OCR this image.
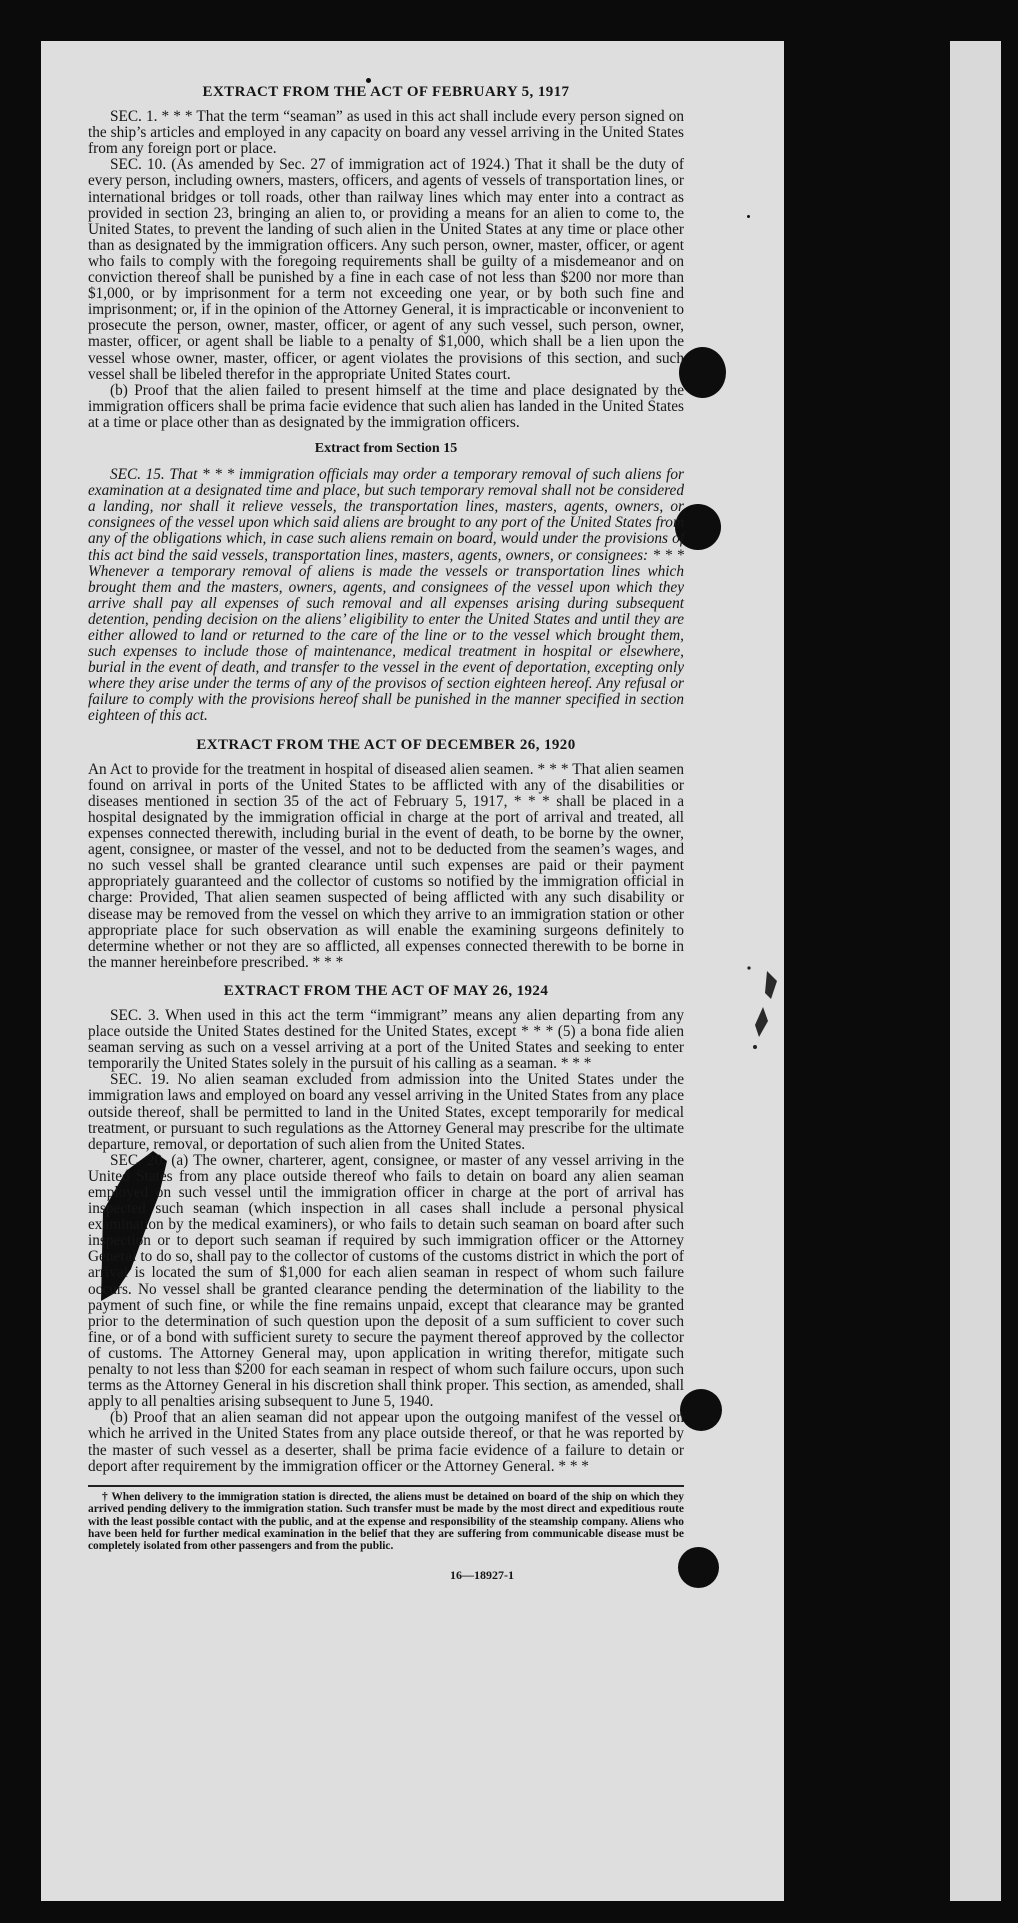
EXTRACT FROM THE ACT OF FEBRUARY 5, 1917

SEC. 1. * * * That the term “seaman” as used in this act shall include every person signed on the ship’s articles and employed in any capacity on board any vessel arriving in the United States from any foreign port or place.

SEC. 10. (As amended by Sec. 27 of immigration act of 1924.) That it shall be the duty of every person, including owners, masters, officers, and agents of vessels of transportation lines, or international bridges or toll roads, other than railway lines which may enter into a contract as provided in section 23, bringing an alien to, or providing a means for an alien to come to, the United States, to prevent the landing of such alien in the United States at any time or place other than as designated by the immigration officers. Any such person, owner, master, officer, or agent who fails to comply with the foregoing requirements shall be guilty of a misdemeanor and on conviction thereof shall be punished by a fine in each case of not less than $200 nor more than $1,000, or by imprisonment for a term not exceeding one year, or by both such fine and imprisonment; or, if in the opinion of the Attorney General, it is impracticable or inconvenient to prosecute the person, owner, master, officer, or agent of any such vessel, such person, owner, master, officer, or agent shall be liable to a penalty of $1,000, which shall be a lien upon the vessel whose owner, master, officer, or agent violates the provisions of this section, and such vessel shall be libeled therefor in the appropriate United States court.

(b) Proof that the alien failed to present himself at the time and place designated by the immigration officers shall be prima facie evidence that such alien has landed in the United States at a time or place other than as designated by the immigration officers.

Extract from Section 15

SEC. 15. That * * * immigration officials may order a temporary removal of such aliens for examination at a designated time and place, but such temporary removal shall not be considered a landing, nor shall it relieve vessels, the transportation lines, masters, agents, owners, or consignees of the vessel upon which said aliens are brought to any port of the United States from any of the obligations which, in case such aliens remain on board, would under the provisions of this act bind the said vessels, transportation lines, masters, agents, owners, or consignees: * * * Whenever a temporary removal of aliens is made the vessels or transportation lines which brought them and the masters, owners, agents, and consignees of the vessel upon which they arrive shall pay all expenses of such removal and all expenses arising during subsequent detention, pending decision on the aliens’ eligibility to enter the United States and until they are either allowed to land or returned to the care of the line or to the vessel which brought them, such expenses to include those of maintenance, medical treatment in hospital or elsewhere, burial in the event of death, and transfer to the vessel in the event of deportation, excepting only where they arise under the terms of any of the provisos of section eighteen hereof. Any refusal or failure to comply with the provisions hereof shall be punished in the manner specified in section eighteen of this act.

EXTRACT FROM THE ACT OF DECEMBER 26, 1920

An Act to provide for the treatment in hospital of diseased alien seamen. * * * That alien seamen found on arrival in ports of the United States to be afflicted with any of the disabilities or diseases mentioned in section 35 of the act of February 5, 1917, * * * shall be placed in a hospital designated by the immigration official in charge at the port of arrival and treated, all expenses connected therewith, including burial in the event of death, to be borne by the owner, agent, consignee, or master of the vessel, and not to be deducted from the seamen’s wages, and no such vessel shall be granted clearance until such expenses are paid or their payment appropriately guaranteed and the collector of customs so notified by the immigration official in charge: Provided, That alien seamen suspected of being afflicted with any such disability or disease may be removed from the vessel on which they arrive to an immigration station or other appropriate place for such observation as will enable the examining surgeons definitely to determine whether or not they are so afflicted, all expenses connected therewith to be borne in the manner hereinbefore prescribed. * * *

EXTRACT FROM THE ACT OF MAY 26, 1924

SEC. 3. When used in this act the term “immigrant” means any alien departing from any place outside the United States destined for the United States, except * * * (5) a bona fide alien seaman serving as such on a vessel arriving at a port of the United States and seeking to enter temporarily the United States solely in the pursuit of his calling as a seaman. * * *

SEC. 19. No alien seaman excluded from admission into the United States under the immigration laws and employed on board any vessel arriving in the United States from any place outside thereof, shall be permitted to land in the United States, except temporarily for medical treatment, or pursuant to such regulations as the Attorney General may prescribe for the ultimate departure, removal, or deportation of such alien from the United States.

SEC. 20. (a) The owner, charterer, agent, consignee, or master of any vessel arriving in the United States from any place outside thereof who fails to detain on board any alien seaman employed on such vessel until the immigration officer in charge at the port of arrival has inspected such seaman (which inspection in all cases shall include a personal physical examination by the medical examiners), or who fails to detain such seaman on board after such inspection or to deport such seaman if required by such immigration officer or the Attorney General to do so, shall pay to the collector of customs of the customs district in which the port of arrival is located the sum of $1,000 for each alien seaman in respect of whom such failure occurs. No vessel shall be granted clearance pending the determination of the liability to the payment of such fine, or while the fine remains unpaid, except that clearance may be granted prior to the determination of such question upon the deposit of a sum sufficient to cover such fine, or of a bond with sufficient surety to secure the payment thereof approved by the collector of customs. The Attorney General may, upon application in writing therefor, mitigate such penalty to not less than $200 for each seaman in respect of whom such failure occurs, upon such terms as the Attorney General in his discretion shall think proper. This section, as amended, shall apply to all penalties arising subsequent to June 5, 1940.

(b) Proof that an alien seaman did not appear upon the outgoing manifest of the vessel on which he arrived in the United States from any place outside thereof, or that he was reported by the master of such vessel as a deserter, shall be prima facie evidence of a failure to detain or deport after requirement by the immigration officer or the Attorney General. * * *

† When delivery to the immigration station is directed, the aliens must be detained on board of the ship on which they arrived pending delivery to the immigration station. Such transfer must be made by the most direct and expeditious route with the least possible contact with the public, and at the expense and responsibility of the steamship company. Aliens who have been held for further medical examination in the belief that they are suffering from communicable disease must be completely isolated from other passengers and from the public.

16—18927-1
